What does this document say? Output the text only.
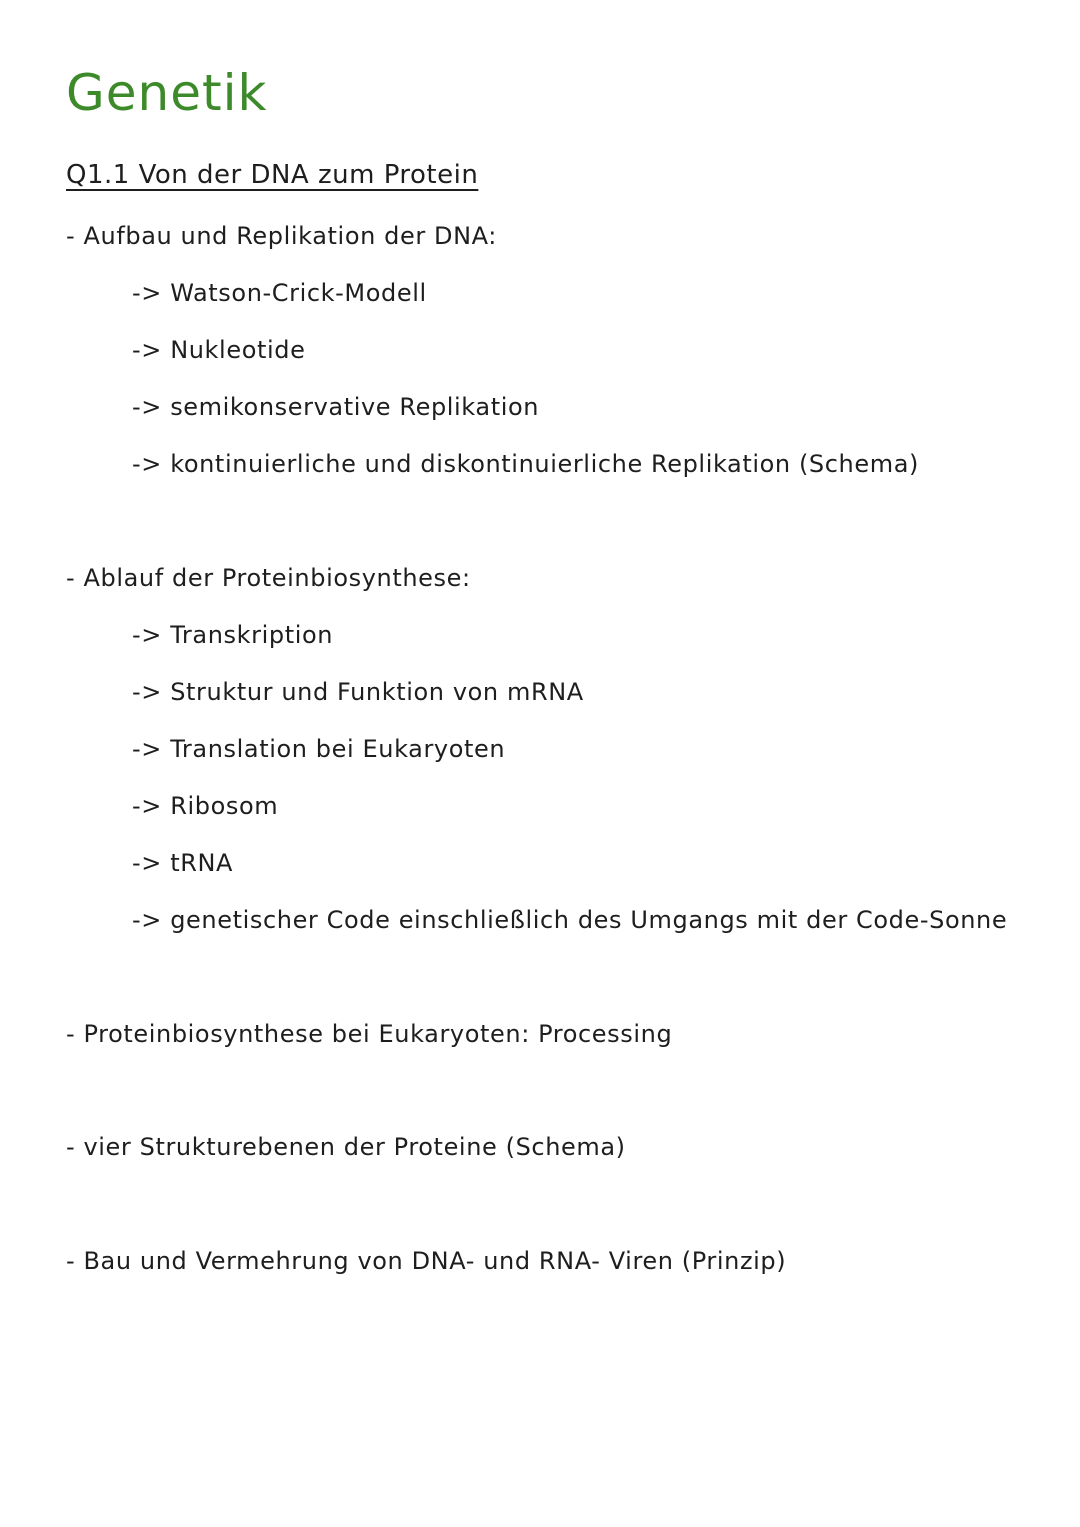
Genetik
Q1.1 Von der DNA zum Protein

- Aufbau und Replikation der DNA:

-> Watson-Crick-Modell

-> Nukleotide

-> semikonservative Replikation

-> kontinuierliche und diskontinuierliche Replikation (Schema)

- Ablauf der Proteinbiosynthese:

-> Transkription

-> Struktur und Funktion von mRNA

-> Translation bei Eukaryoten

-> Ribosom

-> tRNA

-> genetischer Code einschließlich des Umgangs mit der Code-Sonne

- Proteinbiosynthese bei Eukaryoten: Processing

- vier Strukturebenen der Proteine (Schema)

- Bau und Vermehrung von DNA- und RNA- Viren (Prinzip)
